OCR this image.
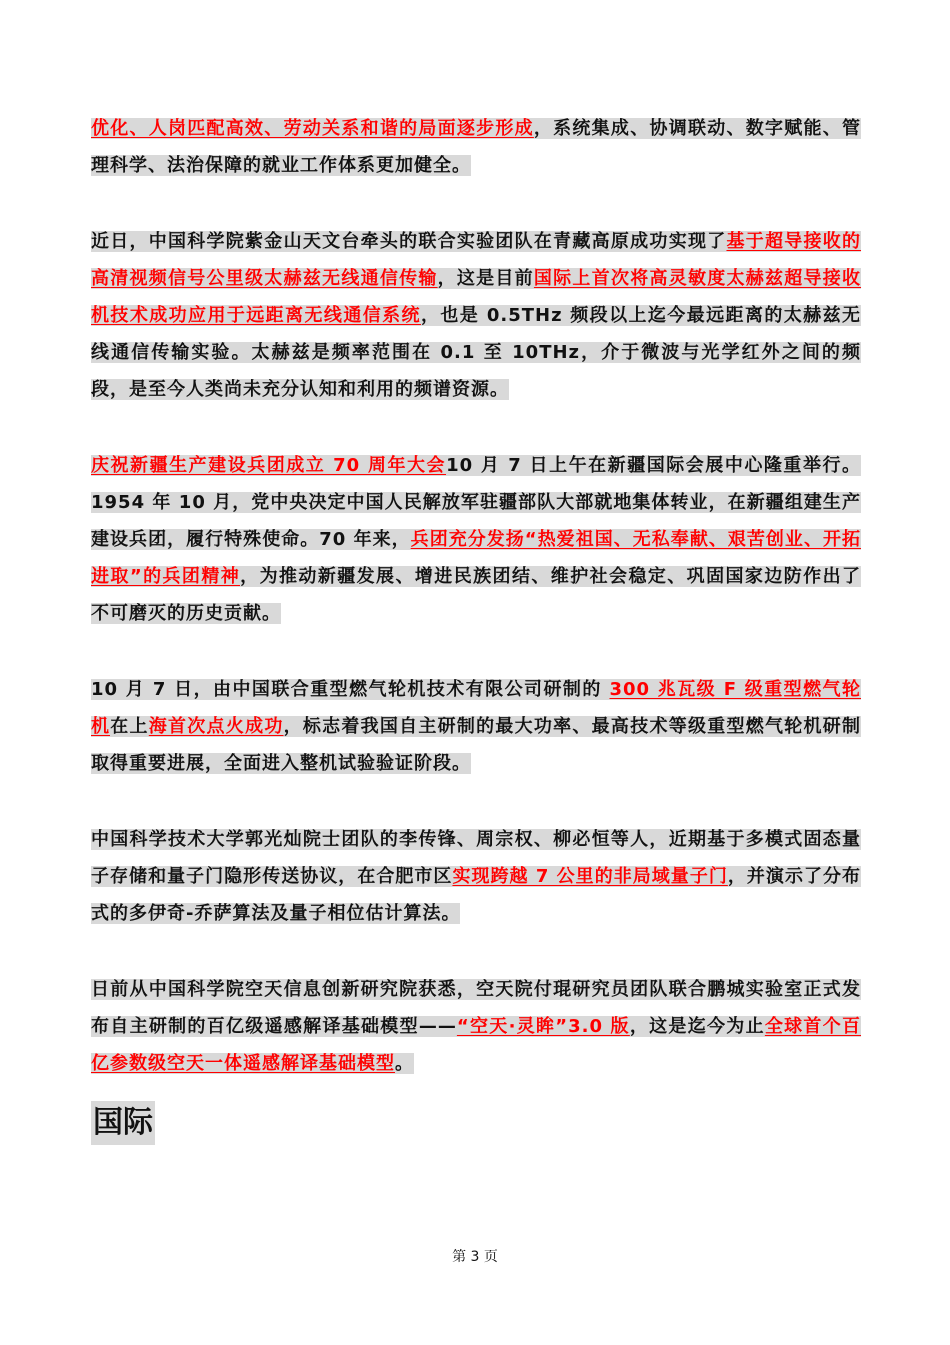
优化、人岗匹配高效、劳动关系和谐的局面逐步形成，系统集成、协调联动、数字赋能、管理科学、法治保障的就业工作体系更加健全。

近日，中国科学院紫金山天文台牵头的联合实验团队在青藏高原成功实现了基于超导接收的高清视频信号公里级太赫兹无线通信传输，这是目前国际上首次将高灵敏度太赫兹超导接收机技术成功应用于远距离无线通信系统，也是 0.5THz 频段以上迄今最远距离的太赫兹无线通信传输实验。太赫兹是频率范围在 0.1 至 10THz，介于微波与光学红外之间的频段，是至今人类尚未充分认知和利用的频谱资源。

庆祝新疆生产建设兵团成立 70 周年大会10 月 7 日上午在新疆国际会展中心隆重举行。1954 年 10 月，党中央决定中国人民解放军驻疆部队大部就地集体转业，在新疆组建生产建设兵团，履行特殊使命。70 年来，兵团充分发扬“热爱祖国、无私奉献、艰苦创业、开拓进取”的兵团精神，为推动新疆发展、增进民族团结、维护社会稳定、巩固国家边防作出了不可磨灭的历史贡献。

10 月 7 日，由中国联合重型燃气轮机技术有限公司研制的 300 兆瓦级 F 级重型燃气轮机在上海首次点火成功，标志着我国自主研制的最大功率、最高技术等级重型燃气轮机研制取得重要进展，全面进入整机试验验证阶段。

中国科学技术大学郭光灿院士团队的李传锋、周宗权、柳必恒等人，近期基于多模式固态量子存储和量子门隐形传送协议，在合肥市区实现跨越 7 公里的非局域量子门，并演示了分布式的多伊奇-乔萨算法及量子相位估计算法。

日前从中国科学院空天信息创新研究院获悉，空天院付琨研究员团队联合鹏城实验室正式发布自主研制的百亿级遥感解译基础模型——“空天·灵眸”3.0 版，这是迄今为止全球首个百亿参数级空天一体遥感解译基础模型。

国际
第 3 页
